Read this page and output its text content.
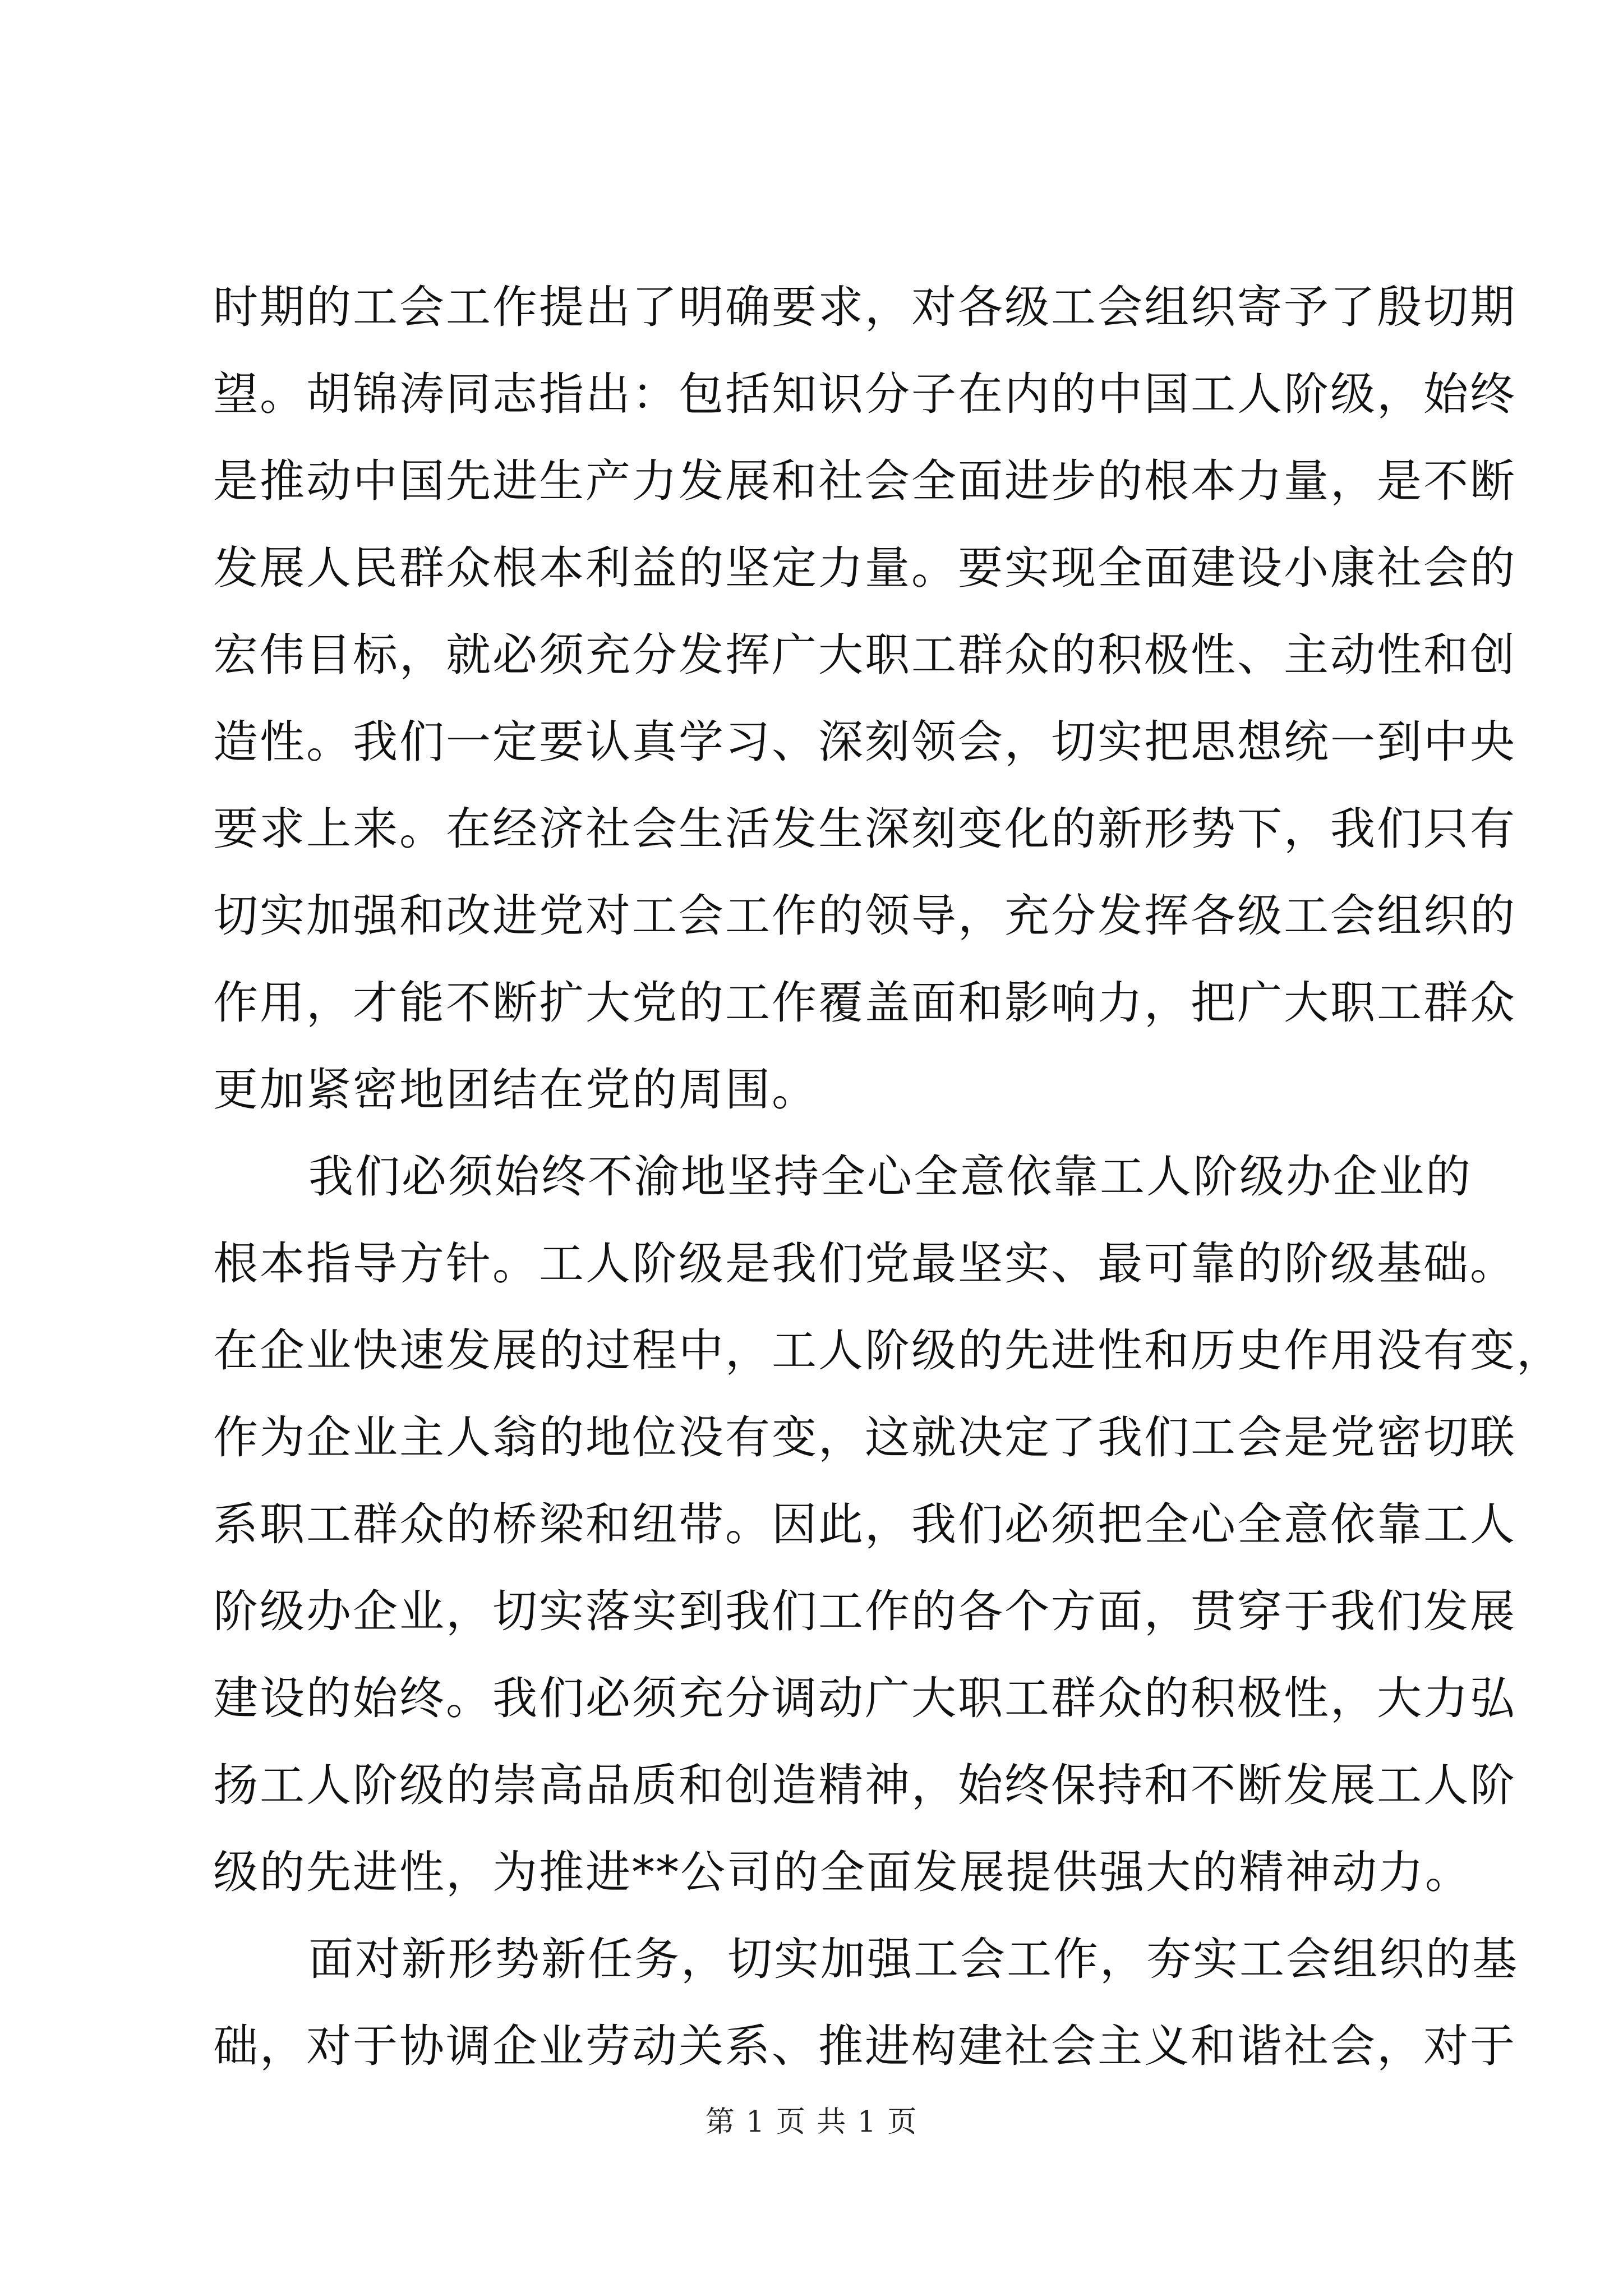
时期的工会工作提出了明确要求，对各级工会组织寄予了殷切期
望。胡锦涛同志指出：包括知识分子在内的中国工人阶级，始终
是推动中国先进生产力发展和社会全面进步的根本力量，是不断
发展人民群众根本利益的坚定力量。要实现全面建设小康社会的
宏伟目标，就必须充分发挥广大职工群众的积极性、主动性和创
造性。我们一定要认真学习、深刻领会，切实把思想统一到中央
要求上来。在经济社会生活发生深刻变化的新形势下，我们只有
切实加强和改进党对工会工作的领导，充分发挥各级工会组织的
作用，才能不断扩大党的工作覆盖面和影响力，把广大职工群众
更加紧密地团结在党的周围。

我们必须始终不渝地坚持全心全意依靠工人阶级办企业的
根本指导方针。工人阶级是我们党最坚实、最可靠的阶级基础。
在企业快速发展的过程中，工人阶级的先进性和历史作用没有变，
作为企业主人翁的地位没有变，这就决定了我们工会是党密切联
系职工群众的桥梁和纽带。因此，我们必须把全心全意依靠工人
阶级办企业，切实落实到我们工作的各个方面，贯穿于我们发展
建设的始终。我们必须充分调动广大职工群众的积极性，大力弘
扬工人阶级的崇高品质和创造精神，始终保持和不断发展工人阶
级的先进性，为推进**公司的全面发展提供强大的精神动力。

面对新形势新任务，切实加强工会工作，夯实工会组织的基
础，对于协调企业劳动关系、推进构建社会主义和谐社会，对于

第 1 页 共 1 页
